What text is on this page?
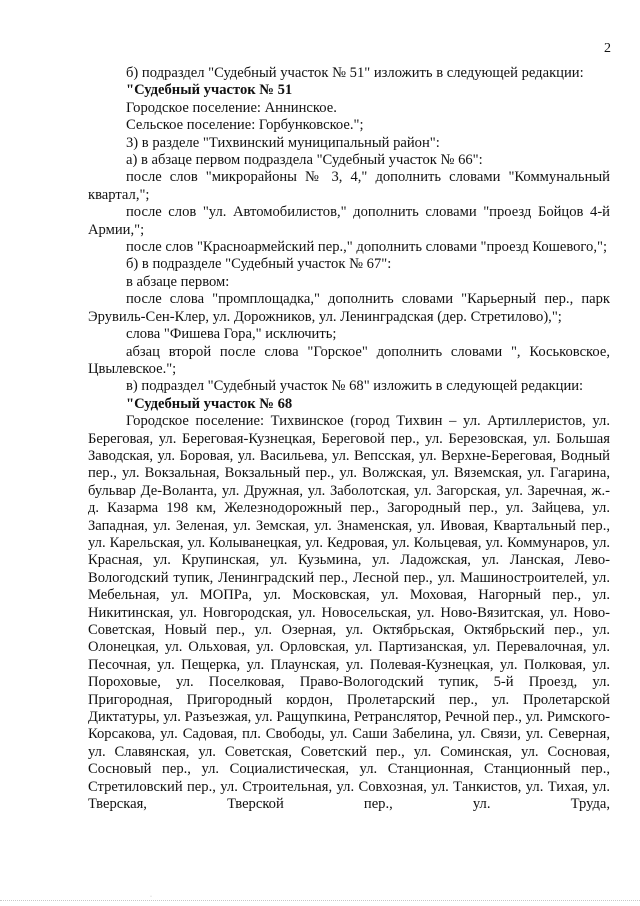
2

б) подраздел "Судебный участок № 51" изложить в следующей редакции:

"Судебный участок № 51

Городское поселение: Аннинское.

Сельское поселение: Горбунковское.";

3) в разделе "Тихвинский муниципальный район":

а) в абзаце первом подраздела "Судебный участок № 66":

после слов "микрорайоны № 3, 4," дополнить словами "Коммунальный квартал,";

после слов "ул. Автомобилистов," дополнить словами "проезд Бойцов 4-й Армии,";

после слов "Красноармейский пер.," дополнить словами "проезд Кошевого,";

б) в подразделе "Судебный участок № 67":

в абзаце первом:

после слова "промплощадка," дополнить словами "Карьерный пер., парк Эрувиль-Сен-Клер, ул. Дорожников, ул. Ленинградская (дер. Стретилово),";

слова "Фишева Гора," исключить;

абзац второй после слова "Горское" дополнить словами ", Коськовское, Цвылевское.";

в) подраздел "Судебный участок № 68" изложить в следующей редакции:

"Судебный участок № 68

Городское поселение: Тихвинское (город Тихвин – ул. Артиллеристов, ул. Береговая, ул. Береговая-Кузнецкая, Береговой пер., ул. Березовская, ул. Большая Заводская, ул. Боровая, ул. Васильева, ул. Вепсская, ул. Верхне-Береговая, Водный пер., ул. Вокзальная, Вокзальный пер., ул. Волжская, ул. Вяземская, ул. Гагарина, бульвар Де-Воланта, ул. Дружная, ул. Заболотская, ул. Загорская, ул. Заречная, ж.-д. Казарма 198 км, Железнодорожный пер., Загородный пер., ул. Зайцева, ул. Западная, ул. Зеленая, ул. Земская, ул. Знаменская, ул. Ивовая, Квартальный пер., ул. Карельская, ул. Колыванецкая, ул. Кедровая, ул. Кольцевая, ул. Коммунаров, ул. Красная, ул. Крупинская, ул. Кузьмина, ул. Ладожская, ул. Ланская, Лево-Вологодский тупик, Ленинградский пер., Лесной пер., ул. Машиностроителей, ул. Мебельная, ул. МОПРа, ул. Московская, ул. Моховая, Нагорный пер., ул. Никитинская, ул. Новгородская, ул. Новосельская, ул. Ново-Вязитская, ул. Ново-Советская, Новый пер., ул. Озерная, ул. Октябрьская, Октябрьский пер., ул. Олонецкая, ул. Ольховая, ул. Орловская, ул. Партизанская, ул. Перевалочная, ул. Песочная, ул. Пещерка, ул. Плаунская, ул. Полевая-Кузнецкая, ул. Полковая, ул. Пороховые, ул. Поселковая, Право-Вологодский тупик, 5-й Проезд, ул. Пригородная, Пригородный кордон, Пролетарский пер., ул. Пролетарской Диктатуры, ул. Разъезжая, ул. Ращупкина, Ретранслятор, Речной пер., ул. Римского-Корсакова, ул. Садовая, пл. Свободы, ул. Саши Забелина, ул. Связи, ул. Северная, ул. Славянская, ул. Советская, Советский пер., ул. Соминская, ул. Сосновая, Сосновый пер., ул. Социалистическая, ул. Станционная, Станционный пер., Стретиловский пер., ул. Строительная, ул. Совхозная, ул. Танкистов, ул. Тихая, ул. Тверская, Тверской пер., ул. Труда,

·
